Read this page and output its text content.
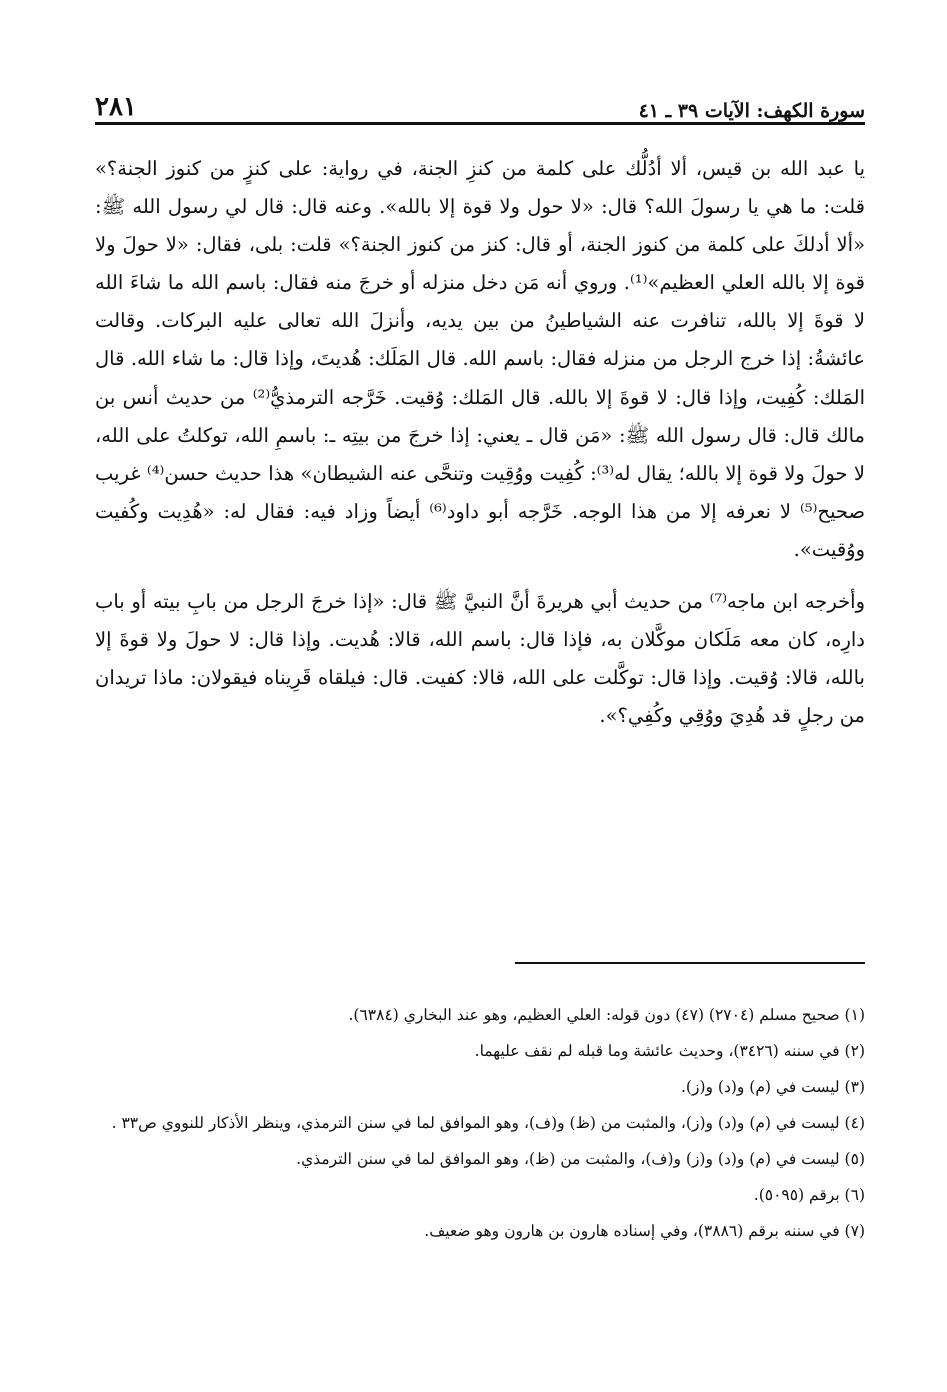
سورة الكهف: الآيات ٣٩ ـ ٤١
٢٨١

يا عبد الله بن قيس، ألا أدُلُّك على كلمة من كنزِ الجنة، في رواية: على كنزٍ من كنوز الجنة؟» قلت: ما هي يا رسولَ الله؟ قال: «لا حول ولا قوة إلا بالله». وعنه قال: قال لي رسول الله ﷺ: «ألا أدلكَ على كلمة من كنوز الجنة، أو قال: كنز من كنوز الجنة؟» قلت: بلى، فقال: «لا حولَ ولا قوة إلا بالله العلي العظيم»⁽¹⁾. وروي أنه مَن دخل منزله أو خرجَ منه فقال: باسم الله ما شاءَ الله لا قوةَ إلا بالله، تنافرت عنه الشياطينُ من بين يديه، وأنزلَ الله تعالى عليه البركات. وقالت عائشةُ: إذا خرج الرجل من منزله فقال: باسم الله. قال المَلَك: هُديتَ، وإذا قال: ما شاء الله. قال المَلك: كُفِيت، وإذا قال: لا قوةَ إلا بالله. قال المَلك: وُقيت. خَرَّجه الترمذيُّ⁽²⁾ من حديث أنس بن مالك قال: قال رسول الله ﷺ: «مَن قال ـ يعني: إذا خرجَ من بيتِه ـ: باسمِ الله، توكلتُ على الله، لا حولَ ولا قوة إلا بالله؛ يقال له⁽³⁾: كُفِيت ووُقِيت وتنحَّى عنه الشيطان» هذا حديث حسن⁽⁴⁾ غريب صحيح⁽⁵⁾ لا نعرفه إلا من هذا الوجه. خَرَّجه أبو داود⁽⁶⁾ أيضاً وزاد فيه: فقال له: «هُدِيت وكُفيت ووُقيت».

وأخرجه ابن ماجه⁽⁷⁾ من حديث أبي هريرةَ أنَّ النبيَّ ﷺ قال: «إذا خرجَ الرجل من بابِ بيته أو باب دارِه، كان معه مَلَكان موكَّلان به، فإذا قال: باسم الله، قالا: هُديت. وإذا قال: لا حولَ ولا قوةَ إلا بالله، قالا: وُقيت. وإذا قال: توكَّلت على الله، قالا: كفيت. قال: فيلقاه قَرِيناه فيقولان: ماذا تريدان من رجلٍ قد هُدِيَ ووُقِي وكُفِي؟».

(١) صحيح مسلم (٢٧٠٤) (٤٧) دون قوله: العلي العظيم، وهو عند البخاري (٦٣٨٤).

(٢) في سننه (٣٤٢٦)، وحديث عائشة وما قبله لم نقف عليهما.

(٣) ليست في (م) و(د) و(ز).

(٤) ليست في (م) و(د) و(ز)، والمثبت من (ظ) و(ف)، وهو الموافق لما في سنن الترمذي، وينظر الأذكار للنووي ص٣٣ .

(٥) ليست في (م) و(د) و(ز) و(ف)، والمثبت من (ظ)، وهو الموافق لما في سنن الترمذي.

(٦) برقم (٥٠٩٥).

(٧) في سننه برقم (٣٨٨٦)، وفي إسناده هارون بن هارون وهو ضعيف.
